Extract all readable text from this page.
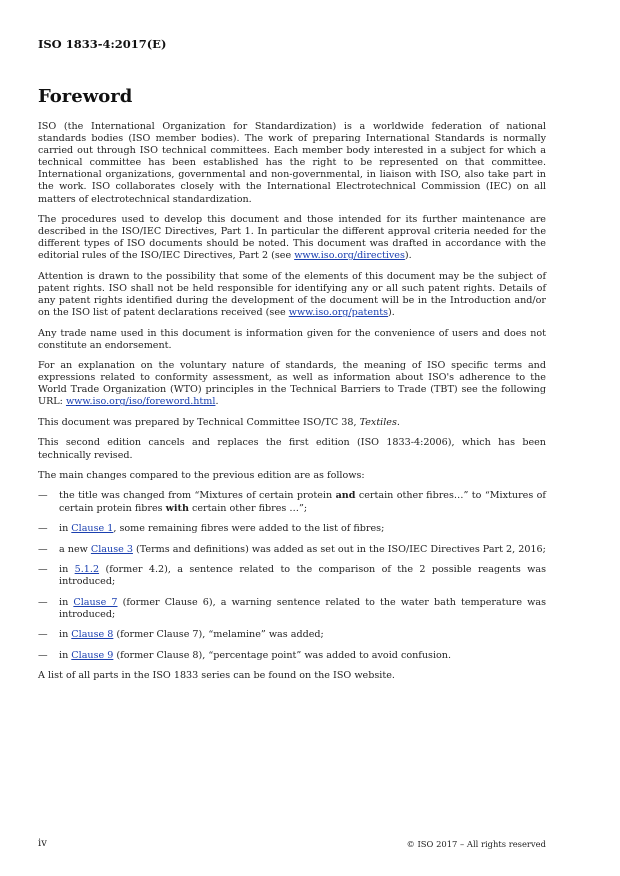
ISO 1833-4:2017(E)
Foreword

ISO (the International Organization for Standardization) is a worldwide federation of national standards bodies (ISO member bodies). The work of preparing International Standards is normally carried out through ISO technical committees. Each member body interested in a subject for which a technical committee has been established has the right to be represented on that committee. International organizations, governmental and non-governmental, in liaison with ISO, also take part in the work. ISO collaborates closely with the International Electrotechnical Commission (IEC) on all matters of electrotechnical standardization.

The procedures used to develop this document and those intended for its further maintenance are described in the ISO/IEC Directives, Part 1. In particular the different approval criteria needed for the different types of ISO documents should be noted. This document was drafted in accordance with the editorial rules of the ISO/IEC Directives, Part 2 (see www.iso.org/directives).

Attention is drawn to the possibility that some of the elements of this document may be the subject of patent rights. ISO shall not be held responsible for identifying any or all such patent rights. Details of any patent rights identified during the development of the document will be in the Introduction and/or on the ISO list of patent declarations received (see www.iso.org/patents).

Any trade name used in this document is information given for the convenience of users and does not constitute an endorsement.

For an explanation on the voluntary nature of standards, the meaning of ISO specific terms and expressions related to conformity assessment, as well as information about ISO's adherence to the World Trade Organization (WTO) principles in the Technical Barriers to Trade (TBT) see the following URL: www.iso.org/iso/foreword.html.

This document was prepared by Technical Committee ISO/TC 38, Textiles.

This second edition cancels and replaces the first edition (ISO 1833-4:2006), which has been technically revised.

The main changes compared to the previous edition are as follows:

— the title was changed from “Mixtures of certain protein and certain other fibres…” to “Mixtures of certain protein fibres with certain other fibres …”;
— in Clause 1, some remaining fibres were added to the list of fibres;
— a new Clause 3 (Terms and definitions) was added as set out in the ISO/IEC Directives Part 2, 2016;
— in 5.1.2 (former 4.2), a sentence related to the comparison of the 2 possible reagents was introduced;
— in Clause 7 (former Clause 6), a warning sentence related to the water bath temperature was introduced;
— in Clause 8 (former Clause 7), “melamine” was added;
— in Clause 9 (former Clause 8), “percentage point” was added to avoid confusion.

A list of all parts in the ISO 1833 series can be found on the ISO website.

iv	© ISO 2017 – All rights reserved
